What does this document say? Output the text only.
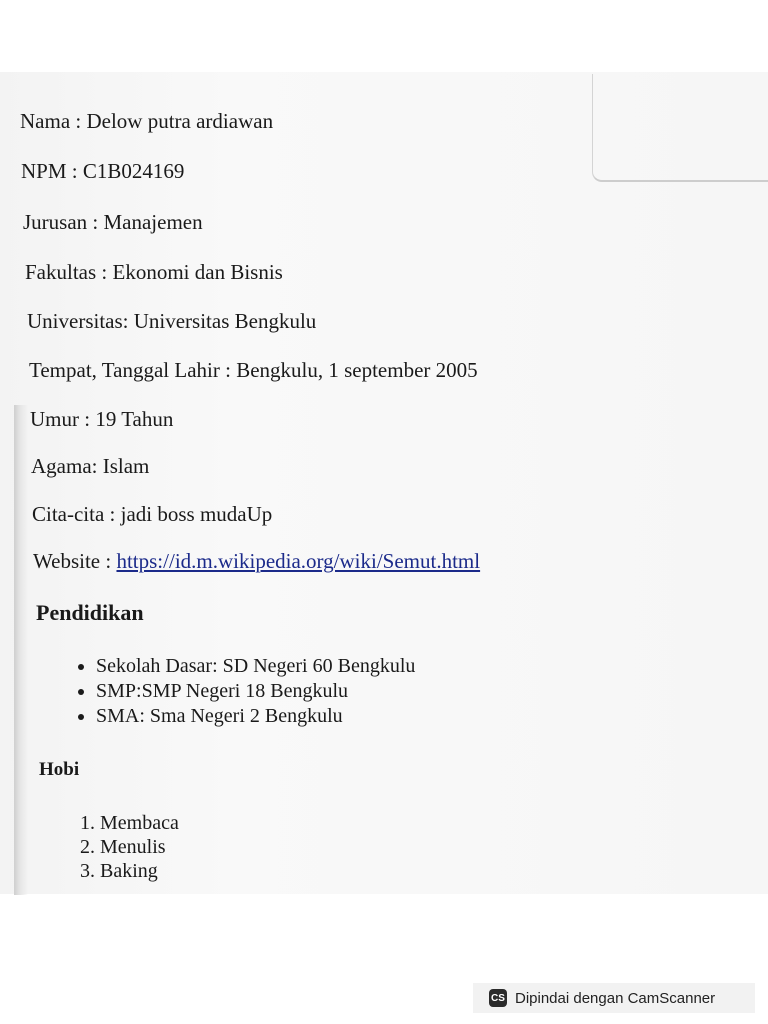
Nama : Delow putra ardiawan
NPM : C1B024169
Jurusan : Manajemen
Fakultas : Ekonomi dan Bisnis
Universitas: Universitas Bengkulu
Tempat, Tanggal Lahir : Bengkulu, 1 september 2005
Umur : 19 Tahun
Agama: Islam
Cita-cita : jadi boss mudaUp
Website : https://id.m.wikipedia.org/wiki/Semut.html
Pendidikan
• Sekolah Dasar: SD Negeri 60 Bengkulu
• SMP:SMP Negeri 18 Bengkulu
• SMA: Sma Negeri 2 Bengkulu
Hobi
1. Membaca
2. Menulis
3. Baking
CS Dipindai dengan CamScanner
